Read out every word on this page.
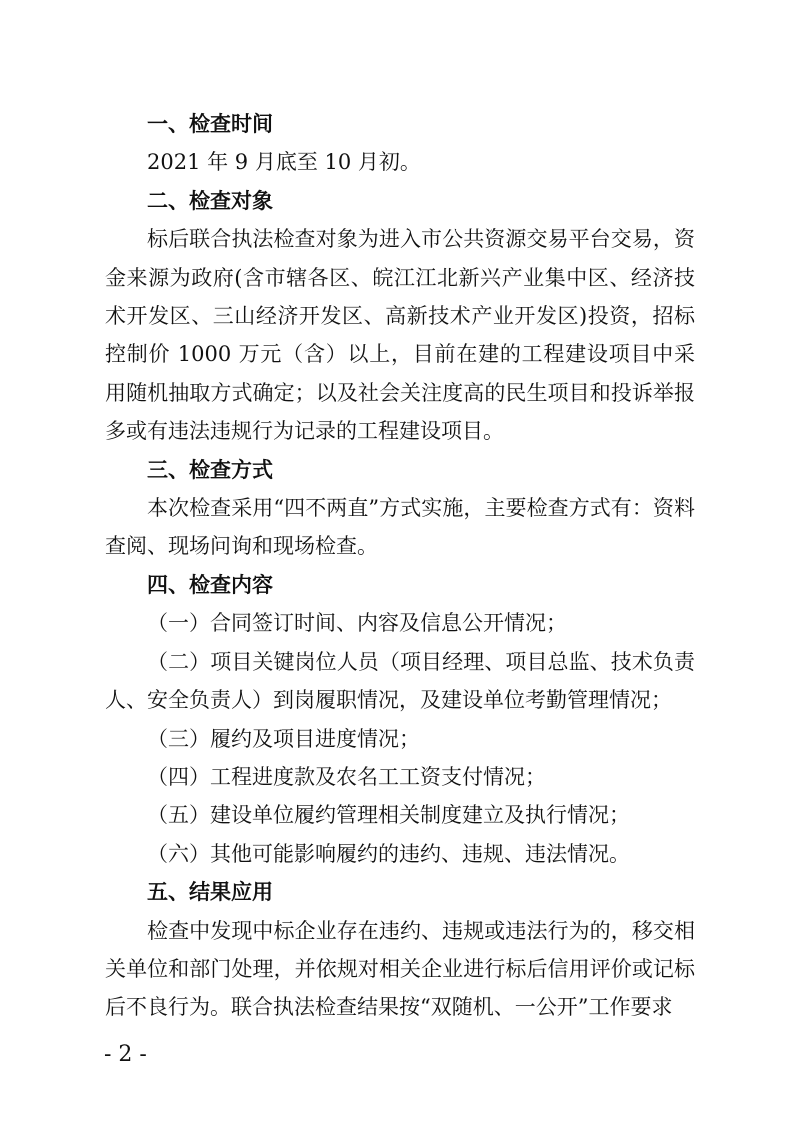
一、检查时间

2021 年 9 月底至 10 月初。

二、检查对象

标后联合执法检查对象为进入市公共资源交易平台交易，资金来源为政府(含市辖各区、皖江江北新兴产业集中区、经济技术开发区、三山经济开发区、高新技术产业开发区)投资，招标控制价 1000 万元（含）以上，目前在建的工程建设项目中采用随机抽取方式确定；以及社会关注度高的民生项目和投诉举报多或有违法违规行为记录的工程建设项目。

三、检查方式

本次检查采用“四不两直”方式实施，主要检查方式有：资料查阅、现场问询和现场检查。

四、检查内容

（一）合同签订时间、内容及信息公开情况；

（二）项目关键岗位人员（项目经理、项目总监、技术负责人、安全负责人）到岗履职情况，及建设单位考勤管理情况；

（三）履约及项目进度情况；

（四）工程进度款及农名工工资支付情况；

（五）建设单位履约管理相关制度建立及执行情况；

（六）其他可能影响履约的违约、违规、违法情况。

五、结果应用

检查中发现中标企业存在违约、违规或违法行为的，移交相关单位和部门处理，并依规对相关企业进行标后信用评价或记标后不良行为。联合执法检查结果按“双随机、一公开”工作要求

- 2 -
